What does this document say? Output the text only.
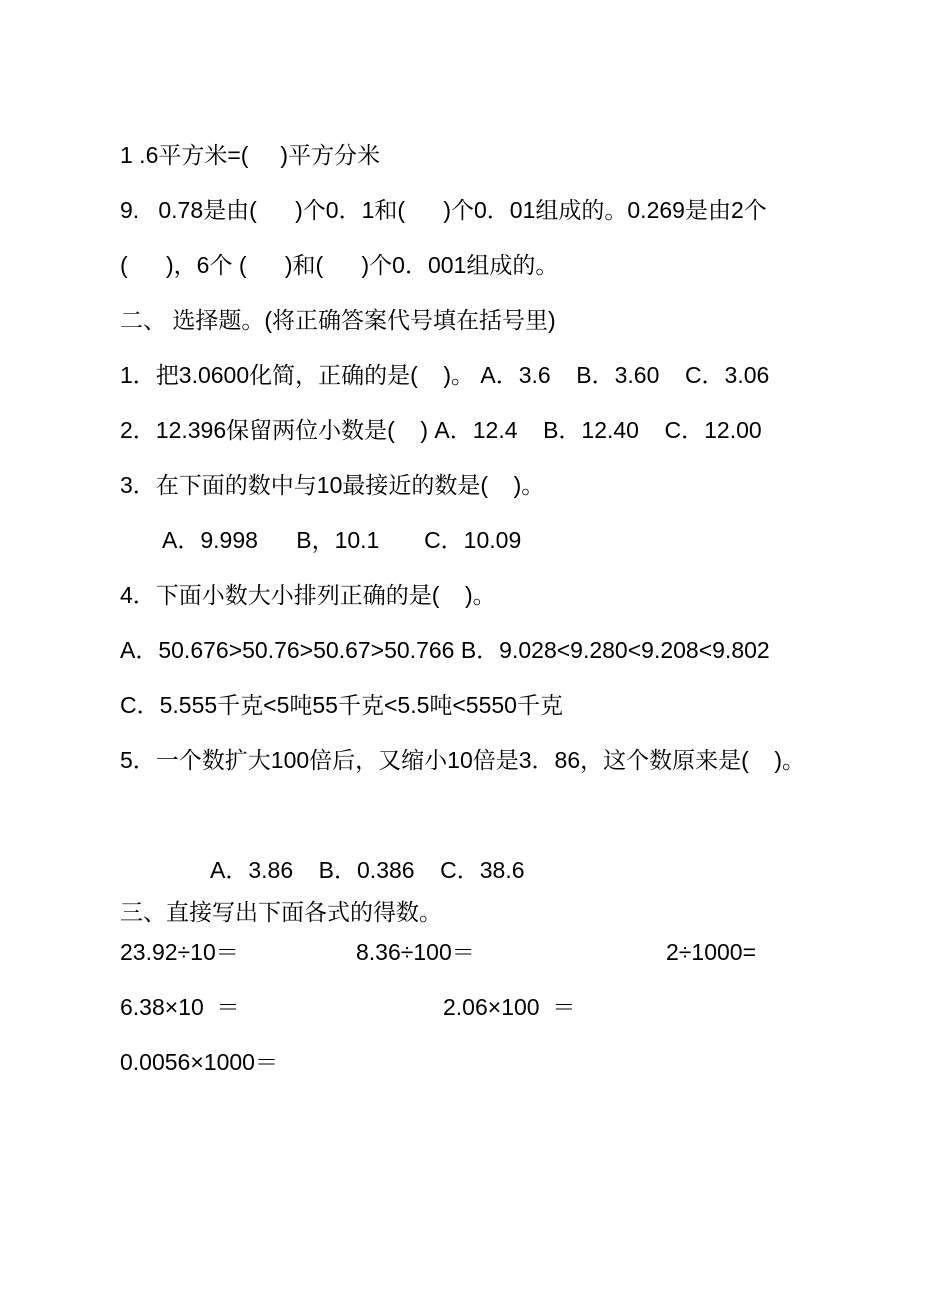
1 .6平方米=(     )平方分米
9.   0.78是由(      )个0．1和(      )个0．01组成的。0.269是由2个
(      )，6个 (      )和(      )个0．001组成的。
二、 选择题。(将正确答案代号填在括号里)
1．把3.0600化简，正确的是(    )。 A．3.6    B．3.60    C．3.06
2．12.396保留两位小数是(    ) A．12.4    B．12.40    C．12.00
3．在下面的数中与10最接近的数是(    )。
A．9.998      B，10.1       C．10.09
4．下面小数大小排列正确的是(    )。
A．50.676>50.76>50.67>50.766 B．9.028<9.280<9.208<9.802
C．5.555千克<5吨55千克<5.5吨<5550千克
5．一个数扩大100倍后，又缩小10倍是3．86，这个数原来是(    )。
A．3.86    B．0.386    C．38.6
三、直接写出下面各式的得数。
23.92÷10＝	8.36÷100＝	2÷1000=
6.38×10  ＝	2.06×100  ＝
0.0056×1000＝
